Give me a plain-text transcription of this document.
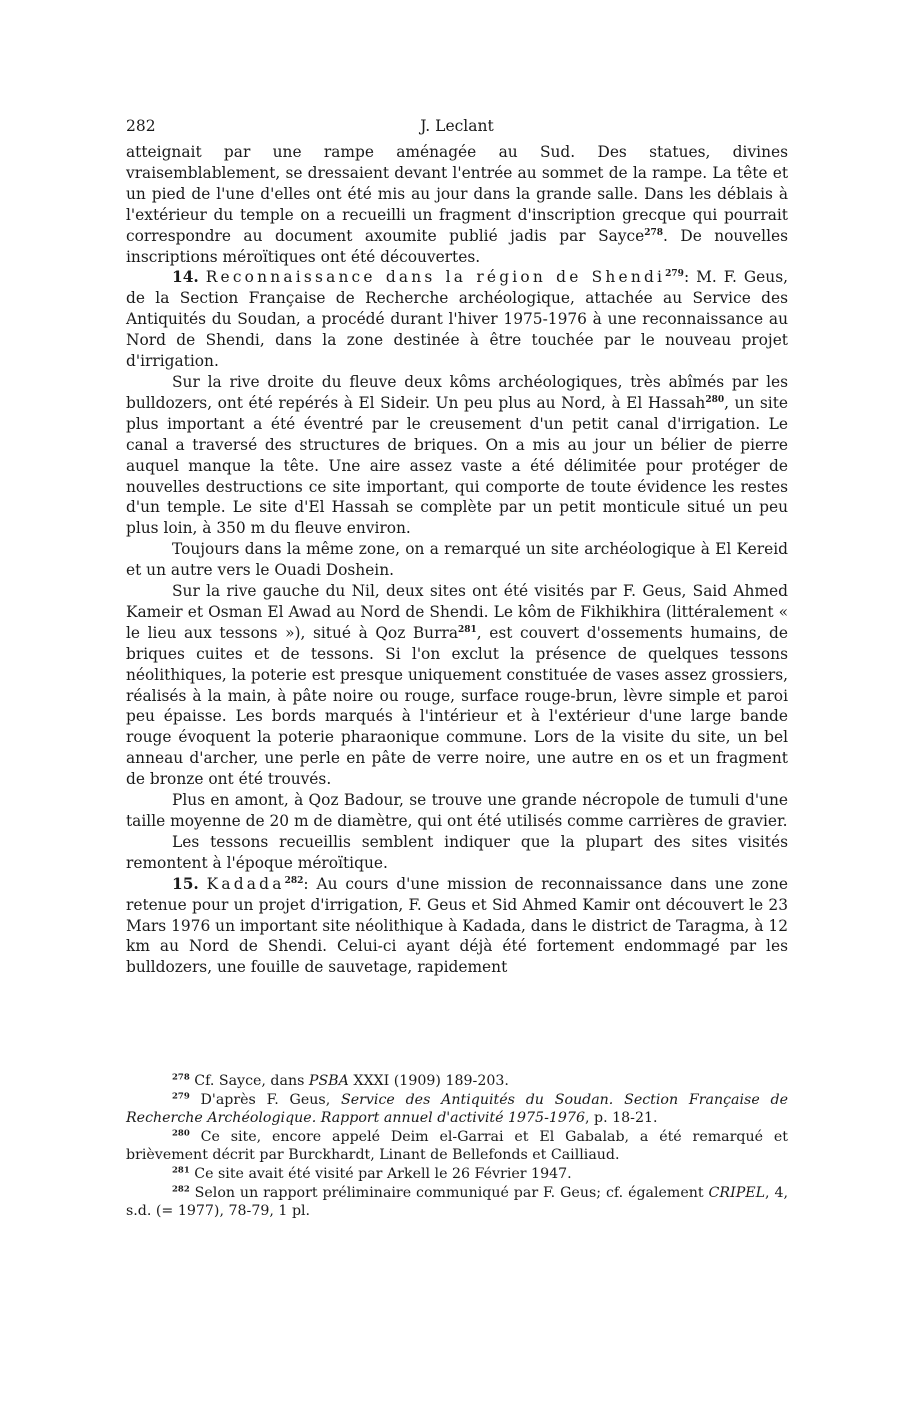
282	J. Leclant

atteignait par une rampe aménagée au Sud. Des statues, divines vraisemblablement, se dressaient devant l'entrée au sommet de la rampe. La tête et un pied de l'une d'elles ont été mis au jour dans la grande salle. Dans les déblais à l'extérieur du temple on a recueilli un fragment d'inscription grecque qui pourrait correspondre au document axoumite publié jadis par Sayce$^{278}$. De nouvelles inscriptions méroïtiques ont été découvertes.

14. Reconnaissance dans la région de Shendi$^{279}$: M. F. Geus, de la Section Française de Recherche archéologique, attachée au Service des Antiquités du Soudan, a procédé durant l'hiver 1975-1976 à une reconnaissance au Nord de Shendi, dans la zone destinée à être touchée par le nouveau projet d'irrigation.

Sur la rive droite du fleuve deux kôms archéologiques, très abîmés par les bulldozers, ont été repérés à El Sideir. Un peu plus au Nord, à El Hassah$^{280}$, un site plus important a été éventré par le creusement d'un petit canal d'irrigation. Le canal a traversé des structures de briques. On a mis au jour un bélier de pierre auquel manque la tête. Une aire assez vaste a été délimitée pour protéger de nouvelles destructions ce site important, qui comporte de toute évidence les restes d'un temple. Le site d'El Hassah se complète par un petit monticule situé un peu plus loin, à 350 m du fleuve environ.

Toujours dans la même zone, on a remarqué un site archéologique à El Kereid et un autre vers le Ouadi Doshein.

Sur la rive gauche du Nil, deux sites ont été visités par F. Geus, Said Ahmed Kameir et Osman El Awad au Nord de Shendi. Le kôm de Fikhikhira (littéralement « le lieu aux tessons »), situé à Qoz Burra$^{281}$, est couvert d'ossements humains, de briques cuites et de tessons. Si l'on exclut la présence de quelques tessons néolithiques, la poterie est presque uniquement constituée de vases assez grossiers, réalisés à la main, à pâte noire ou rouge, surface rouge-brun, lèvre simple et paroi peu épaisse. Les bords marqués à l'intérieur et à l'extérieur d'une large bande rouge évoquent la poterie pharaonique commune. Lors de la visite du site, un bel anneau d'archer, une perle en pâte de verre noire, une autre en os et un fragment de bronze ont été trouvés.

Plus en amont, à Qoz Badour, se trouve une grande nécropole de tumuli d'une taille moyenne de 20 m de diamètre, qui ont été utilisés comme carrières de gravier.

Les tessons recueillis semblent indiquer que la plupart des sites visités remontent à l'époque méroïtique.

15. Kadada$^{282}$: Au cours d'une mission de reconnaissance dans une zone retenue pour un projet d'irrigation, F. Geus et Sid Ahmed Kamir ont découvert le 23 Mars 1976 un important site néolithique à Kadada, dans le district de Taragma, à 12 km au Nord de Shendi. Celui-ci ayant déjà été fortement endommagé par les bulldozers, une fouille de sauvetage, rapidement

$^{278}$ Cf. Sayce, dans PSBA XXXI (1909) 189-203.

$^{279}$ D'après F. Geus, Service des Antiquités du Soudan. Section Française de Recherche Archéologique. Rapport annuel d'activité 1975-1976, p. 18-21.

$^{280}$ Ce site, encore appelé Deim el-Garrai et El Gabalab, a été remarqué et brièvement décrit par Burckhardt, Linant de Bellefonds et Cailliaud.

$^{281}$ Ce site avait été visité par Arkell le 26 Février 1947.

$^{282}$ Selon un rapport préliminaire communiqué par F. Geus; cf. également CRIPEL, 4, s.d. (= 1977), 78-79, 1 pl.
